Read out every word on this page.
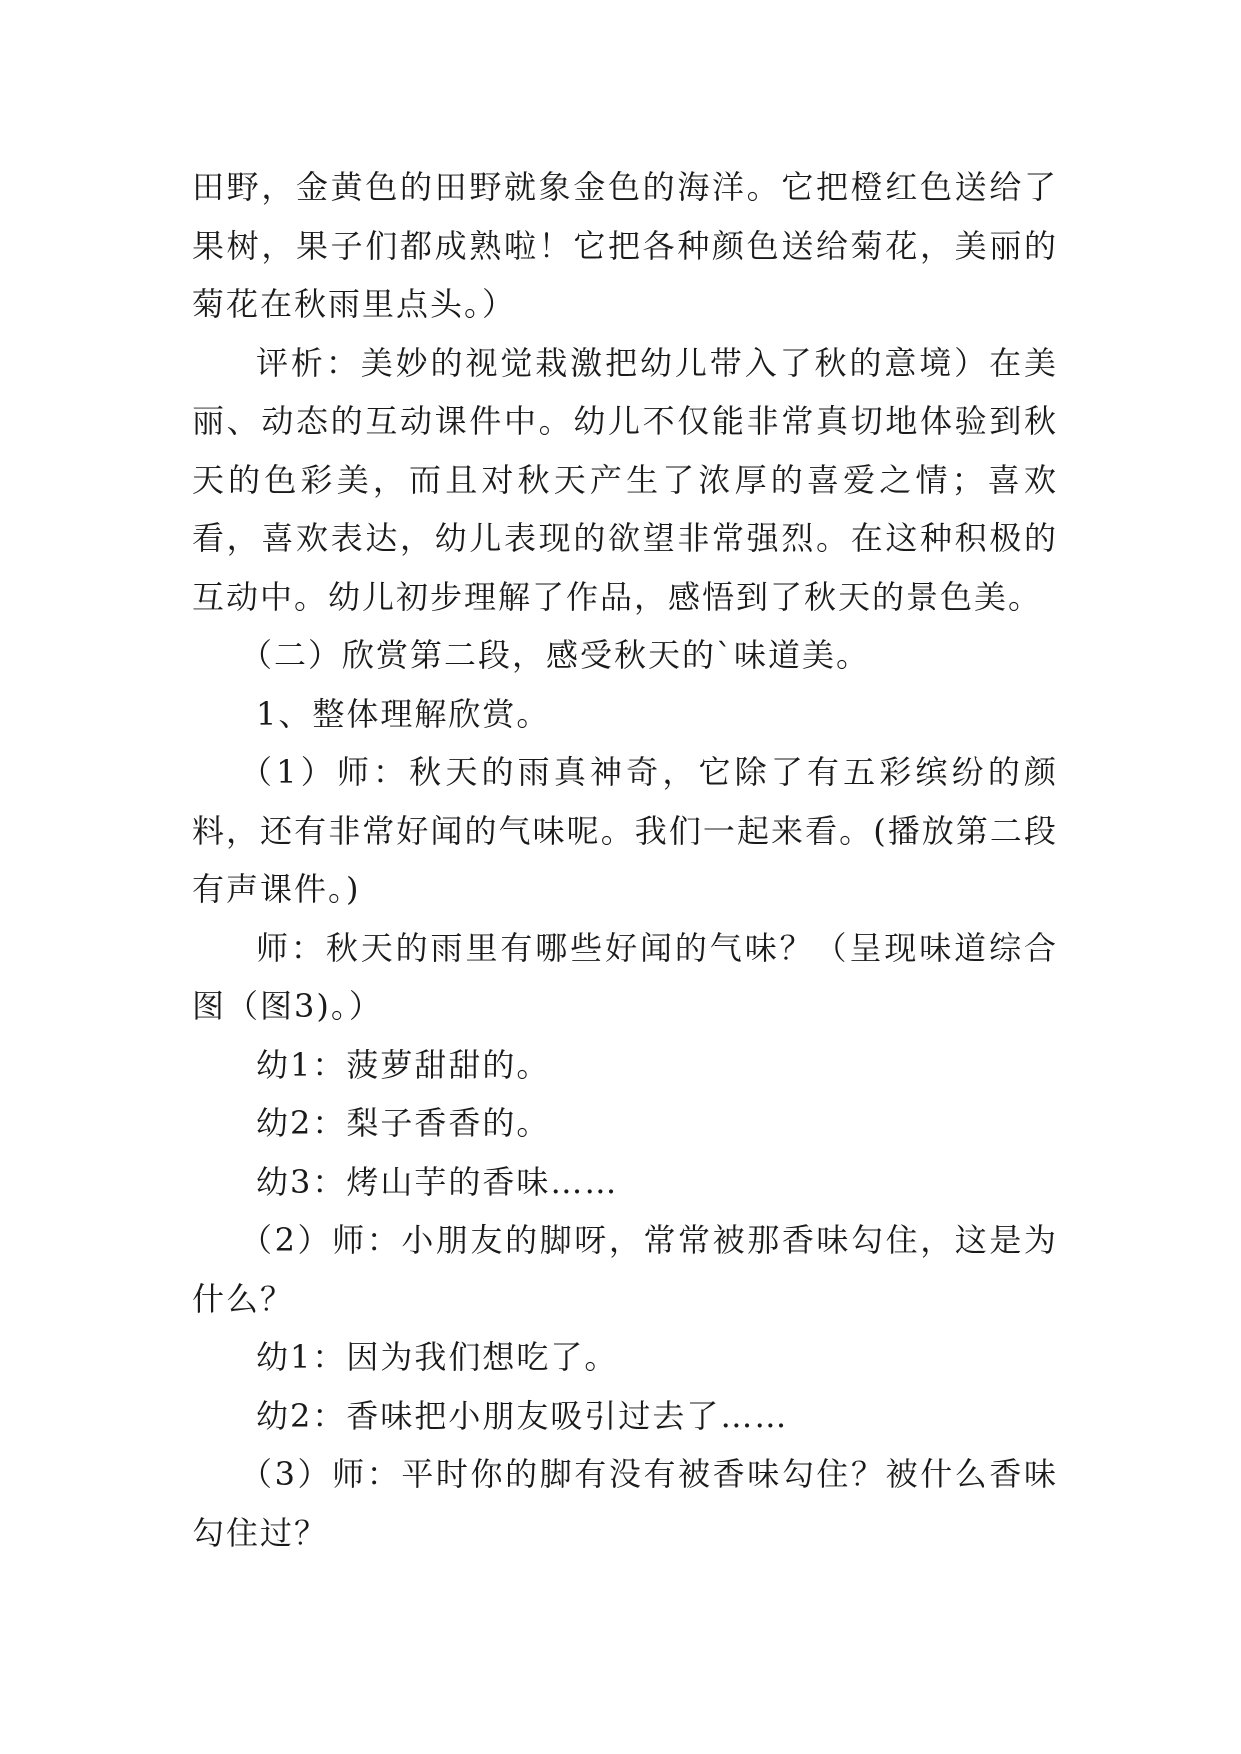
田野，金黄色的田野就象金色的海洋。它把橙红色送给了果树，果子们都成熟啦！它把各种颜色送给菊花，美丽的菊花在秋雨里点头。）

评析：美妙的视觉栽激把幼儿带入了秋的意境）在美丽、动态的互动课件中。幼儿不仅能非常真切地体验到秋天的色彩美，而且对秋天产生了浓厚的喜爱之情；喜欢看，喜欢表达，幼儿表现的欲望非常强烈。在这种积极的互动中。幼儿初步理解了作品，感悟到了秋天的景色美。

（二）欣赏第二段，感受秋天的`味道美。

1、整体理解欣赏。

（1）师：秋天的雨真神奇，它除了有五彩缤纷的颜料，还有非常好闻的气味呢。我们一起来看。(播放第二段有声课件。)

师：秋天的雨里有哪些好闻的气味？（呈现味道综合图（图3)。）

幼1：菠萝甜甜的。

幼2：梨子香香的。

幼3：烤山芋的香味……

（2）师：小朋友的脚呀，常常被那香味勾住，这是为什么？

幼1：因为我们想吃了。

幼2：香味把小朋友吸引过去了……

（3）师：平时你的脚有没有被香味勾住？被什么香味勾住过？
